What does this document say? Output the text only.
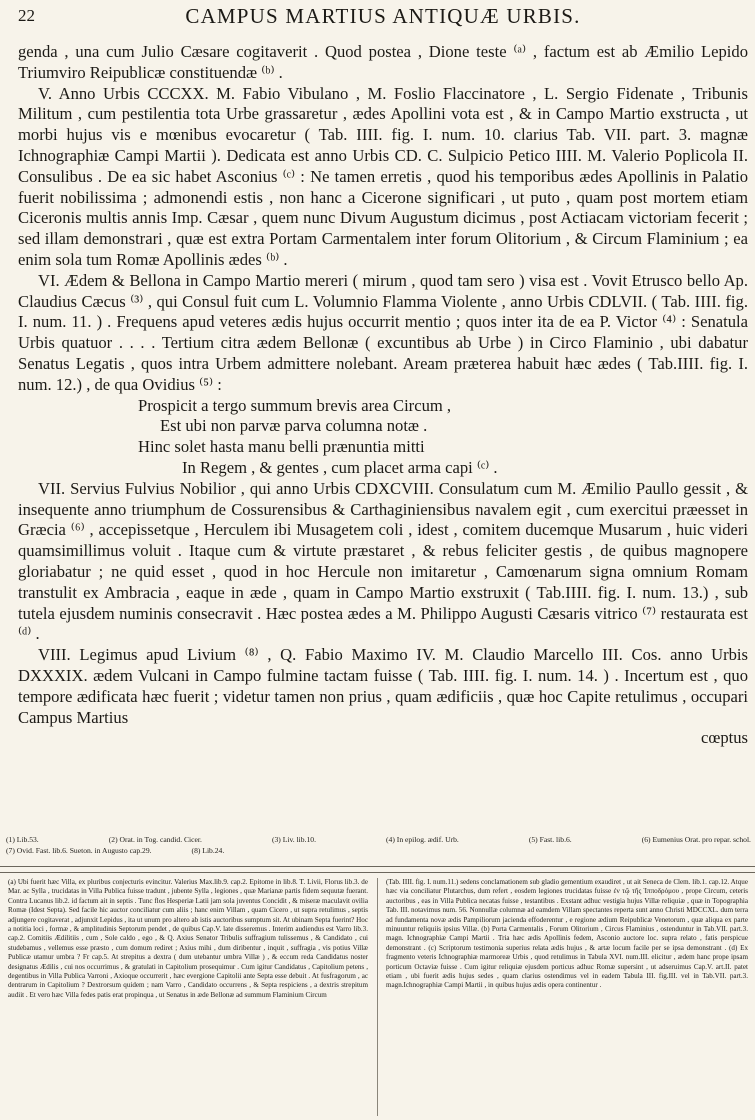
22	CAMPUS MARTIUS ANTIQUÆ URBIS.

genda , una cum Julio Cæsare cogitaverit . Quod postea , Dione teste ⁽ᵃ⁾ , factum est ab Æmilio Lepido Triumviro Reipublicæ constituendæ ⁽ᵇ⁾ .

V. Anno Urbis CCCXX. M. Fabio Vibulano , M. Foslio Flaccinatore , L. Sergio Fidenate , Tribunis Militum , cum pestilentia tota Urbe grassaretur , ædes Apollini vota est , & in Campo Martio exstructa , ut morbi hujus vis e mœnibus evocaretur ( Tab. IIII. fig. I. num. 10. clarius Tab. VII. part. 3. magnæ Ichnographiæ Campi Martii ). Dedicata est anno Urbis CD. C. Sulpicio Petico IIII. M. Valerio Poplicola II. Consulibus . De ea sic habet Asconius ⁽ᶜ⁾ : Ne tamen erretis , quod his temporibus ædes Apollinis in Palatio fuerit nobilissima ; admonendi estis , non hanc a Cicerone significari , ut puto , quam post mortem etiam Ciceronis multis annis Imp. Cæsar , quem nunc Divum Augustum dicimus , post Actiacam victoriam fecerit ; sed illam demonstrari , quæ est extra Portam Carmentalem inter forum Olitorium , & Circum Flaminium ; ea enim sola tum Romæ Apollinis ædes ⁽ᵇ⁾ .

VI. Ædem & Bellona in Campo Martio mereri ( mirum , quod tam sero ) visa est . Vovit Etrusco bello Ap. Claudius Cæcus ⁽³⁾ , qui Consul fuit cum L. Volumnio Flamma Violente , anno Urbis CDLVII. ( Tab. IIII. fig. I. num. 11. ) . Frequens apud veteres ædis hujus occurrit mentio ; quos inter ita de ea P. Victor ⁽⁴⁾ : Senatula Urbis quatuor . . . . Tertium citra ædem Bellonæ ( excuntibus ab Urbe ) in Circo Flaminio , ubi dabatur Senatus Legatis , quos intra Urbem admittere nolebant. Aream præterea habuit hæc ædes ( Tab.IIII. fig. I. num. 12.) , de qua Ovidius ⁽⁵⁾ :

Prospicit a tergo summum brevis area Circum ,
Est ubi non parvæ parva columna notæ .
Hinc solet hasta manu belli prænuntia mitti
In Regem , & gentes , cum placet arma capi ⁽ᶜ⁾ .

VII. Servius Fulvius Nobilior , qui anno Urbis CDXCVIII. Consulatum cum M. Æmilio Paullo gessit , & insequente anno triumphum de Cossurensibus & Carthaginiensibus navalem egit , cum exercitui præesset in Græcia ⁽⁶⁾ , accepissetque , Herculem ibi Musagetem coli , idest , comitem ducemque Musarum , huic videri quamsimillimus voluit . Itaque cum & virtute præstaret , & rebus feliciter gestis , de quibus magnopere gloriabatur ; ne quid esset , quod in hoc Hercule non imitaretur , Camœnarum signa omnium Romam transtulit ex Ambracia , eaque in æde , quam in Campo Martio exstruxit ( Tab.IIII. fig. I. num. 13.) , sub tutela ejusdem numinis consecravit . Hæc postea ædes a M. Philippo Augusti Cæsaris vitrico ⁽⁷⁾ restaurata est ⁽ᵈ⁾ .

VIII. Legimus apud Livium ⁽⁸⁾ , Q. Fabio Maximo IV. M. Claudio Marcello III. Cos. anno Urbis DXXXIX. ædem Vulcani in Campo fulmine tactam fuisse ( Tab. IIII. fig. I. num. 14. ) . Incertum est , quo tempore ædificata hæc fuerit ; videtur tamen non prius , quam ædificiis , quæ hoc Capite retulimus , occupari Campus Martius

cœptus
(1) Lib.53.	(2) Orat. in Tog. candid. Cicer.	(3) Liv. lib.10.	(4) In epilog. ædif. Urb.	(5) Fast. lib.6.	(6) Eumenius Orat. pro repar. schol.
(7) Ovid. Fast. lib.6. Sueton. in Augusto cap.29.	(8) Lib.24.

(a) Ubi fuerit hæc Villa, ex pluribus conjecturis evincitur. Valerius Max.lib.9. cap.2. Epitome in lib.8. T. Livii, Florus lib.3. de Mar. ac Sylla , trucidatas in Villa Publica fuisse tradunt , jubente Sylla , legiones , quæ Marianæ partis fidem sequutæ fuerant. Contra Lucanus lib.2. id factum ait in septis . Tunc flos Hesperiæ Latii jam sola juventus Concidit , & miseræ maculavit ovilia Romæ (Idest Septa). Sed facile hic auctor conciliatur cum aliis ; hanc enim Villam , quam Cicero , ut supra retulimus , septis adjungere cogitaverat , adjunxit Lepidus , ita ut unum pro altero ab istis auctoribus sumptum sit. At ubinam Septa fuerint? Hoc a notitia loci , formæ , & amplitudinis Septorum pendet , de quibus Cap.V. late disseremus . Interim audiendus est Varro lib.3. cap.2. Comitiis Ædilitiis , cum , Sole caldo , ego , & Q. Axius Senator Tribulis suffragium tulissemus , & Candidato , cui studebamus , vellemus esse præsto , cum domum rediret ; Axius mihi , dum diribentur , inquit , suffragia , vis potius Villæ Publicæ utamur umbra ? Fr cap.5. At strepitus a dextra ( dum utebantur umbra Villæ ) , & eccum reda Candidatus noster designatus Ædilis , cui nos occurrimus , & gratulati in Capitolium prosequimur . Cum igitur Candidatus , Capitolium petens , degentibus in Villa Publica Varroni , Axioque occurrerit , hæc evergione Capitolii ante Septa esse debuit . At fusfragorum , ac dentrarum in Capitolium ? Dextrorsum quidem ; nam Varro , Candidato occurrens , & Septa respiciens , a dextris strepitum audiit . Et vero hæc Villa fedes patis erat propinqua , ut Senatus in æde Bellonæ ad summum Flaminium Circum

(Tab. IIII. fig. I. num.11.) sedens conclamationem sub gladio gementium exaudiret , ut ait Seneca de Clem. lib.1. cap.12. Atque hæc via conciliatur Plutarchus, dum refert , eosdem legiones trucidatas fuisse ἐν τῷ τῆς Ἱπποδρόμου , prope Circum, ceteris auctoribus , eas in Villa Publica necatas fuisse , testantibus . Exstant adhuc vestigia hujus Villæ reliquiæ , quæ in Topographia Tab. III. notavimus num. 56. Nonnullæ columnæ ad eamdem Villam spectantes reperta sunt anno Christi MDCCXL. dum terra ad fundamenta novæ ædis Pampiliorum jacienda effoderentur , e regione ædium Reipublicæ Venetorum , quæ aliqua ex parte minuuntur reliquiis ipsius Villæ. (b) Porta Carmentalis , Forum Olitorium , Circus Flaminius , ostenduntur in Tab.VII. part.3. magn. Ichnographiæ Campi Martii . Tria hæc ædis Apollinis fedem, Asconio auctore loc. supra relato , fatis perspicue demonstrant . (c) Scriptorum testimonia superius relata ædis hujus , & artæ locum facile per se ipsa demonstrant . (d) Ex fragmento veteris Ichnographiæ marmoreæ Urbis , quod retulimus in Tabula XVI. num.III. elicitur , ædem hanc prope ipsam porticum Octaviæ fuisse . Cum igitur reliquiæ ejusdem porticus adhuc Romæ supersint , ut adseruimus Cap.V. art.II. patet etiam , ubi fuerit ædis hujus sedes , quam clarius ostendimus vel in eadem Tabula III. fig.III. vel in Tab.VII. part.3. magn.Ichnographiæ Campi Martii , in quibus hujus ædis opera continentur .
